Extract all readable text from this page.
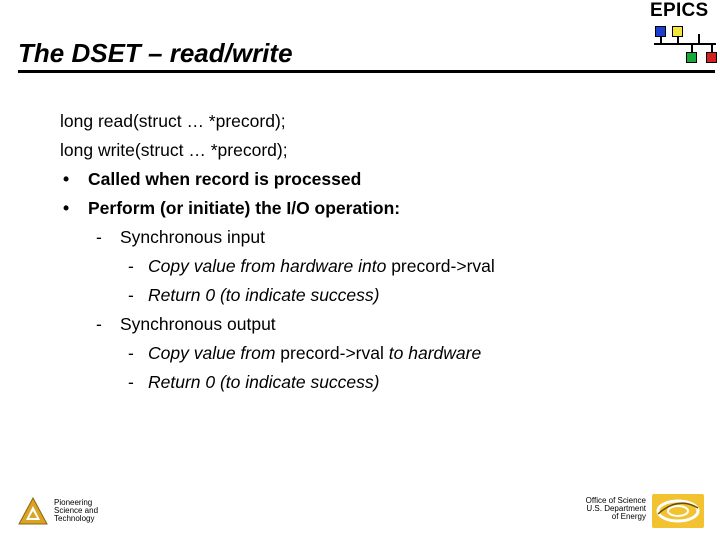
The DSET – read/write
EPICS
long read(struct … *precord);
long write(struct … *precord);
• Called when record is processed
• Perform (or initiate) the I/O operation:
- Synchronous input
- Copy value from hardware into precord->rval
- Return 0 (to indicate success)
- Synchronous output
- Copy value from precord->rval to hardware
- Return 0 (to indicate success)
Pioneering
Science and
Technology
Office of Science
U.S. Department
of Energy
